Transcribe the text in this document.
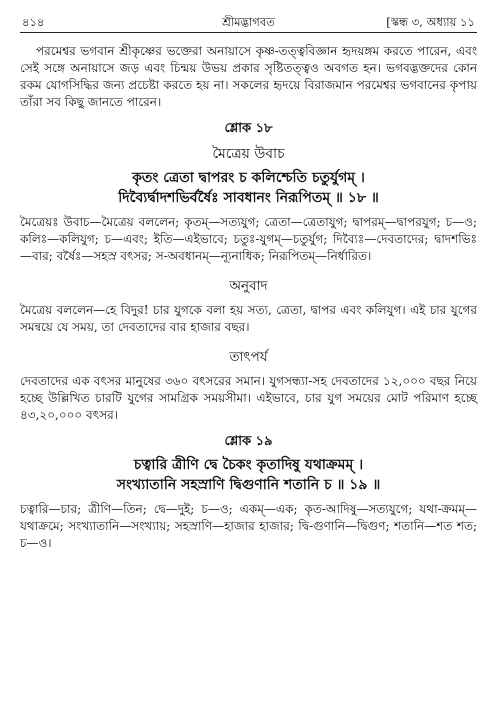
৪১৪	শ্রীমদ্ভাগবত	[স্কন্ধ ৩, অধ্যায় ১১

পরমেশ্বর ভগবান শ্রীকৃষ্ণের ভক্তেরা অনায়াসে কৃষ্ণ-তত্ত্ববিজ্ঞান হৃদয়ঙ্গম করতে পারেন, এবং সেই সঙ্গে অনায়াসে জড় এবং চিন্ময় উভয় প্রকার সৃষ্টিতত্ত্বও অবগত হন। ভগবদ্ভক্তদের কোন রকম যোগসিদ্ধির জন্য প্রচেষ্টা করতে হয় না। সকলের হৃদয়ে বিরাজমান পরমেশ্বর ভগবানের কৃপায় তাঁরা সব কিছু জানতে পারেন।

শ্লোক ১৮
মৈত্রেয় উবাচ

কৃতং ত্রেতা দ্বাপরং চ কলিশ্চেতি চতুর্যুগম্ ।

দিব্যৈর্দ্বাদশভির্বর্ষৈঃ সাবধানং নিরূপিতম্ ॥ ১৮ ॥

মৈত্রেয়ঃ উবাচ—মৈত্রেয় বললেন; কৃতম্—সত্যযুগ; ত্রেতা—ত্রেতাযুগ; দ্বাপরম্—দ্বাপরযুগ; চ—ও; কলিঃ—কলিযুগ; চ—এবং; ইতি—এইভাবে; চতুঃ-যুগম্—চতুর্যুগ; দিব্যৈঃ—দেবতাদের; দ্বাদশভিঃ—বার; বর্ষৈঃ—সহস্র বৎসর; স-অবধানম্—ন্যূনাধিক; নিরূপিতম্—নির্ধারিত।

অনুবাদ

মৈত্রেয় বললেন—হে বিদুর! চার যুগকে বলা হয় সত্য, ত্রেতা, দ্বাপর এবং কলিযুগ। এই চার যুগের সমন্বয়ে যে সময়, তা দেবতাদের বার হাজার বছর।

তাৎপর্য

দেবতাদের এক বৎসর মানুষের ৩৬০ বৎসরের সমান। যুগসন্ধ্যা-সহ দেবতাদের ১২,০০০ বছর নিয়ে হচ্ছে উল্লিখিত চারটি যুগের সামগ্রিক সময়সীমা। এইভাবে, চার যুগ সময়ের মোট পরিমাণ হচ্ছে ৪৩,২০,০০০ বৎসর।

শ্লোক ১৯

চত্বারি ত্রীণি দ্বে চৈকং কৃতাদিষু যথাক্রমম্ ।

সংখ্যাতানি সহস্রাণি দ্বিগুণানি শতানি চ ॥ ১৯ ॥

চত্বারি—চার; ত্রীণি—তিন; দ্বে—দুই; চ—ও; একম্—এক; কৃত-আদিষু—সত্যযুগে; যথা-ক্রমম্—যথাক্রমে; সংখ্যাতানি—সংখ্যায়; সহস্রাণি—হাজার হাজার; দ্বি-গুণানি—দ্বিগুণ; শতানি—শত শত; চ—ও।
